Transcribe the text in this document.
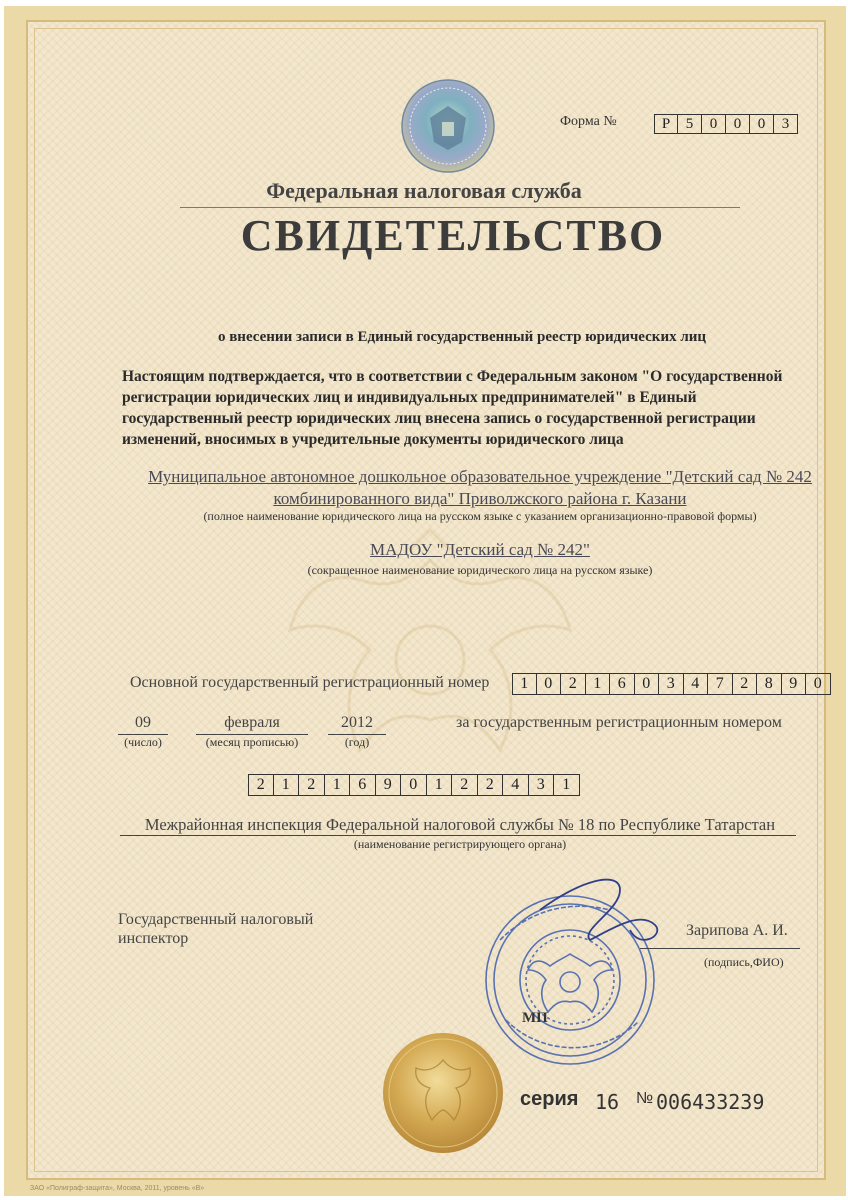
Форма №	Р	5	0	0	0	3
Федеральная налоговая служба
СВИДЕТЕЛЬСТВО
о внесении записи в Единый государственный реестр юридических лиц
Настоящим подтверждается, что в соответствии с Федеральным законом "О государственной регистрации юридических лиц и индивидуальных предпринимателей" в Единый государственный реестр юридических лиц внесена запись о государственной регистрации изменений, вносимых в учредительные документы юридического лица
Муниципальное автономное дошкольное образовательное учреждение "Детский сад № 242 комбинированного вида" Приволжского района г. Казани
(полное наименование юридического лица на русском языке с указанием организационно-правовой формы)
МАДОУ "Детский сад № 242"
(сокращенное наименование юридического лица на русском языке)
Основной государственный регистрационный номер	1	0	2	1	6	0	3	4	7	2	8	9	0
09
(число)
февраля
(месяц прописью)
2012
(год)
за государственным регистрационным номером
2	1	2	1	6	9	0	1	2	2	4	3	1
Межрайонная инспекция Федеральной налоговой службы № 18 по Республике Татарстан
(наименование регистрирующего органа)
Государственный налоговый инспектор
МП
Зарипова А. И.
(подпись,ФИО)
серия 16 № 006433239
ЗАО «Полиграф-защита», Москва, 2011, уровень «В»
